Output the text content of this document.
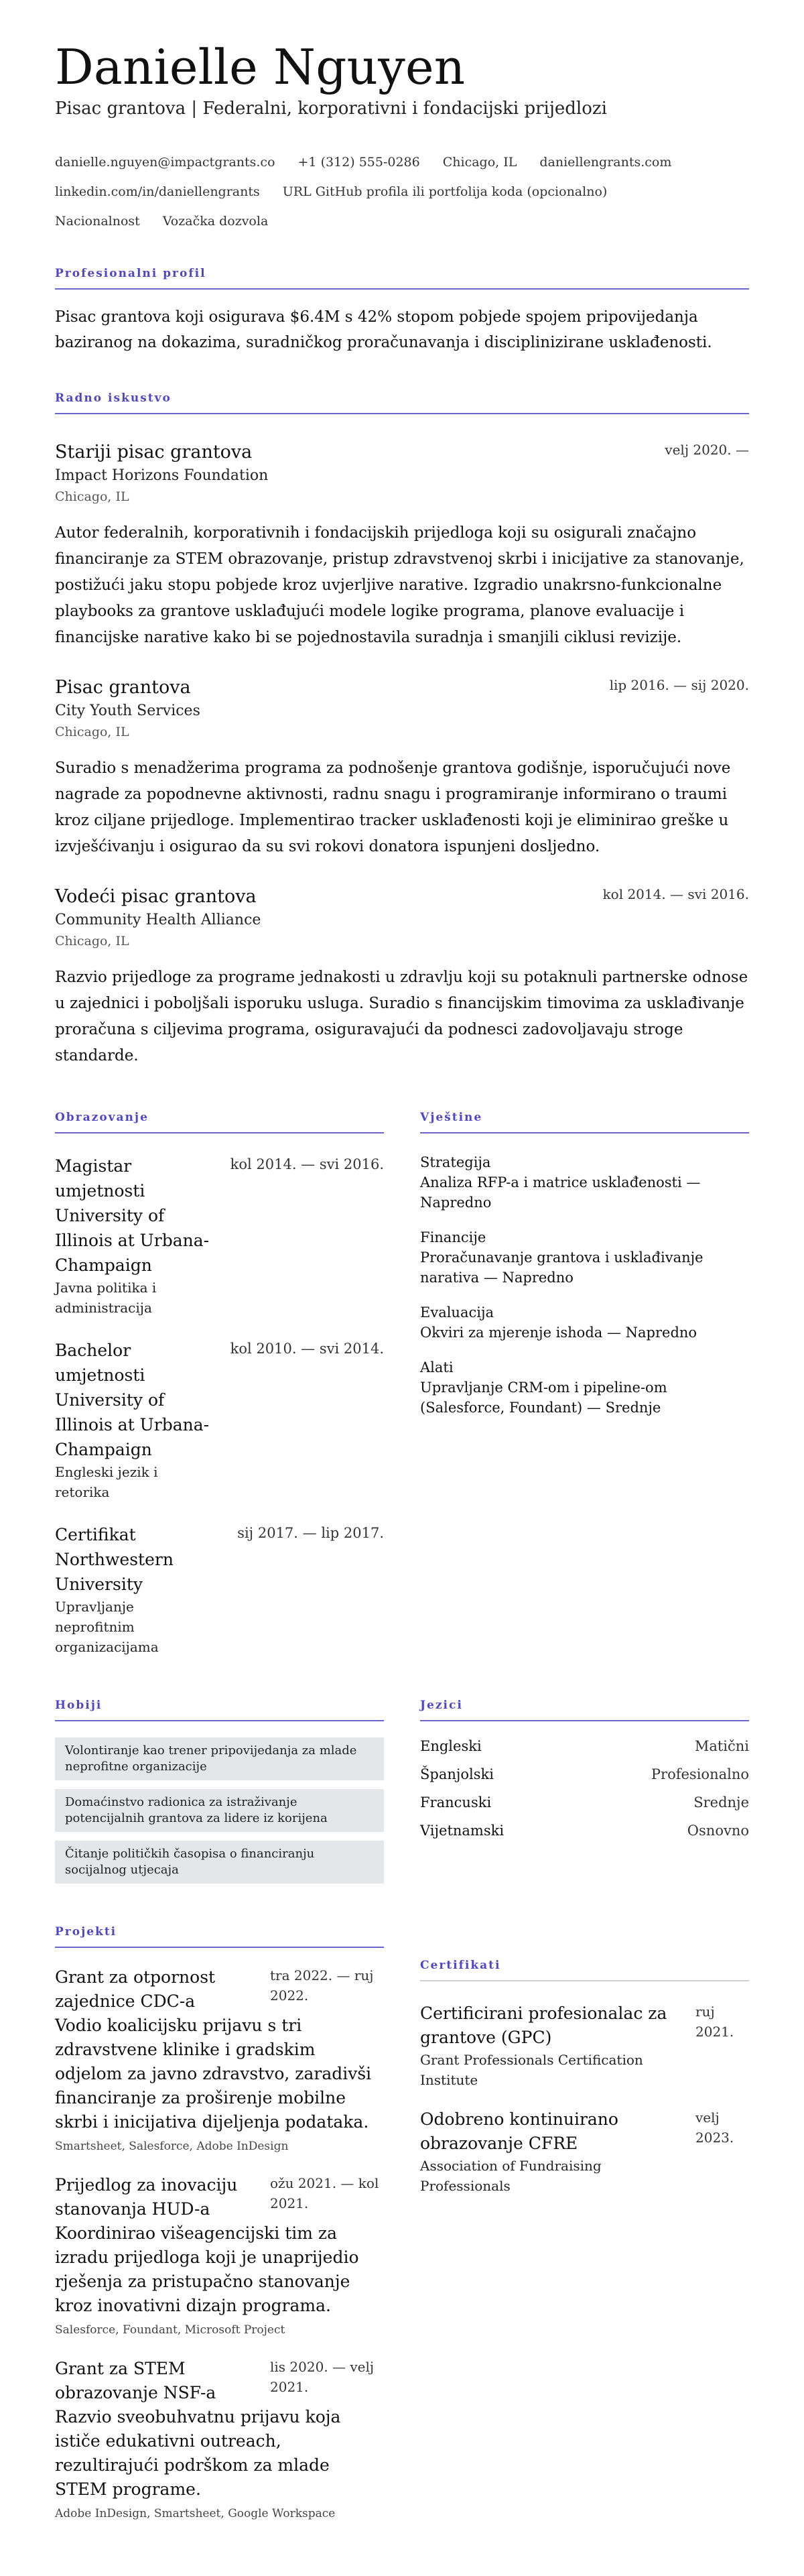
Danielle Nguyen
Pisac grantova | Federalni, korporativni i fondacijski prijedlozi
danielle.nguyen@impactgrants.co +1 (312) 555-0286 Chicago, IL daniellengrants.com
linkedin.com/in/daniellengrants URL GitHub profila ili portfolija koda (opcionalno)
Nacionalnost Vozačka dozvola
Profesionalni profil

Pisac grantova koji osigurava $6.4M s 42% stopom pobjede spojem pripovijedanja baziranog na dokazima, suradničkog proračunavanja i disciplinizirane usklađenosti.

Radno iskustvo
Stariji pisac grantova	velj 2020. —
Impact Horizons Foundation
Chicago, IL

Autor federalnih, korporativnih i fondacijskih prijedloga koji su osigurali značajno financiranje za STEM obrazovanje, pristup zdravstvenoj skrbi i inicijative za stanovanje, postižući jaku stopu pobjede kroz uvjerljive narative. Izgradio unakrsno-funkcionalne playbooks za grantove usklađujući modele logike programa, planove evaluacije i financijske narative kako bi se pojednostavila suradnja i smanjili ciklusi revizije.

Pisac grantova	lip 2016. — sij 2020.
City Youth Services
Chicago, IL

Suradio s menadžerima programa za podnošenje grantova godišnje, isporučujući nove nagrade za popodnevne aktivnosti, radnu snagu i programiranje informirano o traumi kroz ciljane prijedloge. Implementirao tracker usklađenosti koji je eliminirao greške u izvješćivanju i osigurao da su svi rokovi donatora ispunjeni dosljedno.

Vodeći pisac grantova	kol 2014. — svi 2016.
Community Health Alliance
Chicago, IL

Razvio prijedloge za programe jednakosti u zdravlju koji su potaknuli partnerske odnose u zajednici i poboljšali isporuku usluga. Suradio s financijskim timovima za usklađivanje proračuna s ciljevima programa, osiguravajući da podnesci zadovoljavaju stroge standarde.

Obrazovanje
Magistar umjetnosti University of Illinois at Urbana-Champaign
kol 2014. — svi 2016.
Javna politika i administracija
Bachelor umjetnosti University of Illinois at Urbana-Champaign
kol 2010. — svi 2014.
Engleski jezik i retorika
Certifikat Northwestern University
sij 2017. — lip 2017.
Upravljanje neprofitnim organizacijama
Vještine
Strategija
Analiza RFP-a i matrice usklađenosti — Napredno
Financije
Proračunavanje grantova i usklađivanje narativa — Napredno
Evaluacija
Okviri za mjerenje ishoda — Napredno
Alati
Upravljanje CRM-om i pipeline-om (Salesforce, Foundant) — Srednje
Hobiji
Volontiranje kao trener pripovijedanja za mlade neprofitne organizacije
Domaćinstvo radionica za istraživanje potencijalnih grantova za lidere iz korijena
Čitanje političkih časopisa o financiranju socijalnog utjecaja
Jezici
Engleski	Matični
Španjolski	Profesionalno
Francuski	Srednje
Vijetnamski	Osnovno
Projekti
Grant za otpornost zajednice CDC-a
tra 2022. — ruj 2022.
Vodio koalicijsku prijavu s tri zdravstvene klinike i gradskim odjelom za javno zdravstvo, zaradivši financiranje za proširenje mobilne skrbi i inicijativa dijeljenja podataka.
Smartsheet, Salesforce, Adobe InDesign
Prijedlog za inovaciju stanovanja HUD-a
ožu 2021. — kol 2021.
Koordinirao višeagencijski tim za izradu prijedloga koji je unaprijedio rješenja za pristupačno stanovanje kroz inovativni dizajn programa.
Salesforce, Foundant, Microsoft Project
Grant za STEM obrazovanje NSF-a
lis 2020. — velj 2021.
Razvio sveobuhvatnu prijavu koja ističe edukativni outreach, rezultirajući podrškom za mlade STEM programe.
Adobe InDesign, Smartsheet, Google Workspace
Certifikati
Certificirani profesionalac za grantove (GPC)
ruj 2021.
Grant Professionals Certification Institute
Odobreno kontinuirano obrazovanje CFRE
velj 2023.
Association of Fundraising Professionals
